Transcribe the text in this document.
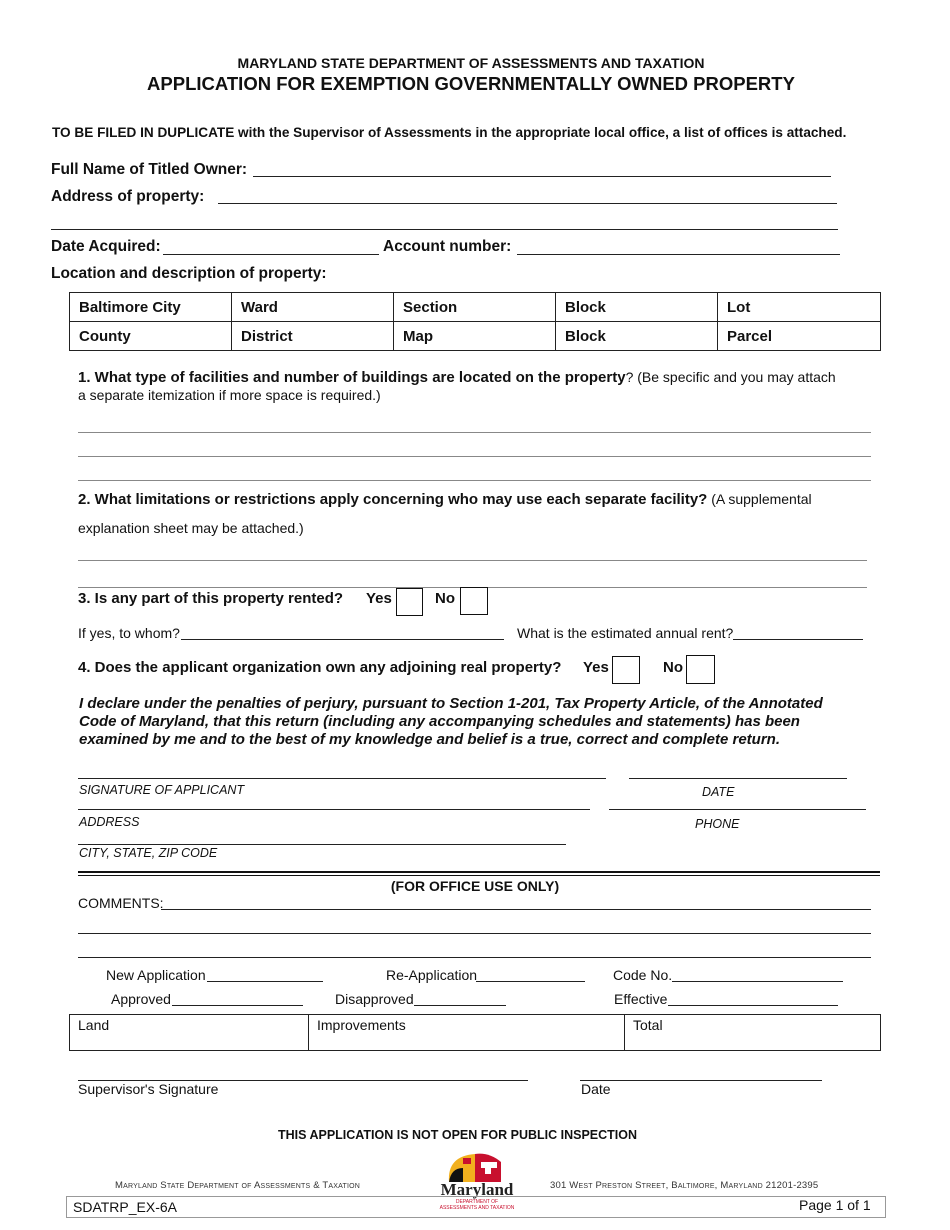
MARYLAND STATE DEPARTMENT OF ASSESSMENTS AND TAXATION
APPLICATION FOR EXEMPTION GOVERNMENTALLY OWNED PROPERTY
TO BE FILED IN DUPLICATE with the Supervisor of Assessments in the appropriate local office, a list of offices is attached.
Full Name of Titled Owner:
Address of property:
Date Acquired:	Account number:
Location and description of property:
Baltimore City	Ward	Section	Block	Lot
County	District	Map	Block	Parcel
1. What type of facilities and number of buildings are located on the property? (Be specific and you may attach
a separate itemization if more space is required.)
2. What limitations or restrictions apply concerning who may use each separate facility? (A supplemental
explanation sheet may be attached.)
3. Is any part of this property rented? Yes	No
If yes, to whom?	What is the estimated annual rent?
4. Does the applicant organization own any adjoining real property? Yes	No
I declare under the penalties of perjury, pursuant to Section 1-201, Tax Property Article, of the Annotated
Code of Maryland, that this return (including any accompanying schedules and statements) has been
examined by me and to the best of my knowledge and belief is a true, correct and complete return.
SIGNATURE OF APPLICANT	DATE
ADDRESS	PHONE
CITY, STATE, ZIP CODE
(FOR OFFICE USE ONLY)
COMMENTS:
New Application	Re-Application	Code No.
Approved	Disapproved	Effective
Land	Improvements	Total
Supervisor's Signature	Date
THIS APPLICATION IS NOT OPEN FOR PUBLIC INSPECTION
Maryland State Department of Assessments & Taxation	301 West Preston Street, Baltimore, Maryland 21201-2395
Maryland
DEPARTMENT OF
ASSESSMENTS AND TAXATION
SDATRP_EX-6A	Page 1 of 1
